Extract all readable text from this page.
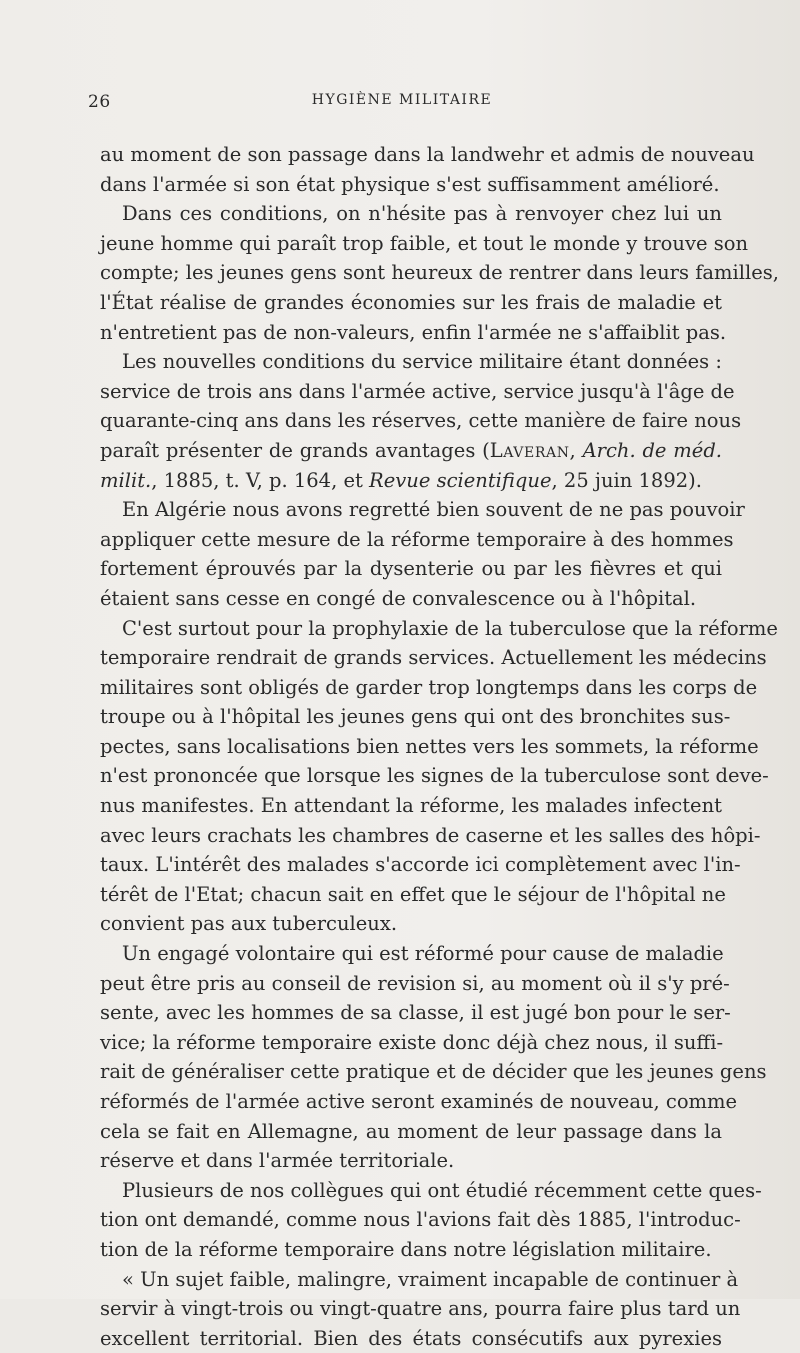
26	HYGIÈNE MILITAIRE
au moment de son passage dans la landwehr et admis de nouveau
dans l'armée si son état physique s'est suffisamment amélioré.
Dans ces conditions, on n'hésite pas à renvoyer chez lui un
jeune homme qui paraît trop faible, et tout le monde y trouve son
compte; les jeunes gens sont heureux de rentrer dans leurs familles,
l'État réalise de grandes économies sur les frais de maladie et
n'entretient pas de non-valeurs, enfin l'armée ne s'affaiblit pas.
Les nouvelles conditions du service militaire étant données :
service de trois ans dans l'armée active, service jusqu'à l'âge de
quarante-cinq ans dans les réserves, cette manière de faire nous
paraît présenter de grands avantages (Laveran, Arch. de méd.
milit., 1885, t. V, p. 164, et Revue scientifique, 25 juin 1892).
En Algérie nous avons regretté bien souvent de ne pas pouvoir
appliquer cette mesure de la réforme temporaire à des hommes
fortement éprouvés par la dysenterie ou par les fièvres et qui
étaient sans cesse en congé de convalescence ou à l'hôpital.
C'est surtout pour la prophylaxie de la tuberculose que la réforme
temporaire rendrait de grands services. Actuellement les médecins
militaires sont obligés de garder trop longtemps dans les corps de
troupe ou à l'hôpital les jeunes gens qui ont des bronchites sus-
pectes, sans localisations bien nettes vers les sommets, la réforme
n'est prononcée que lorsque les signes de la tuberculose sont deve-
nus manifestes. En attendant la réforme, les malades infectent
avec leurs crachats les chambres de caserne et les salles des hôpi-
taux. L'intérêt des malades s'accorde ici complètement avec l'in-
térêt de l'Etat; chacun sait en effet que le séjour de l'hôpital ne
convient pas aux tuberculeux.
Un engagé volontaire qui est réformé pour cause de maladie
peut être pris au conseil de revision si, au moment où il s'y pré-
sente, avec les hommes de sa classe, il est jugé bon pour le ser-
vice; la réforme temporaire existe donc déjà chez nous, il suffi-
rait de généraliser cette pratique et de décider que les jeunes gens
réformés de l'armée active seront examinés de nouveau, comme
cela se fait en Allemagne, au moment de leur passage dans la
réserve et dans l'armée territoriale.
Plusieurs de nos collègues qui ont étudié récemment cette ques-
tion ont demandé, comme nous l'avions fait dès 1885, l'introduc-
tion de la réforme temporaire dans notre législation militaire.
« Un sujet faible, malingre, vraiment incapable de continuer à
servir à vingt-trois ou vingt-quatre ans, pourra faire plus tard un
excellent territorial. Bien des états consécutifs aux pyrexies
